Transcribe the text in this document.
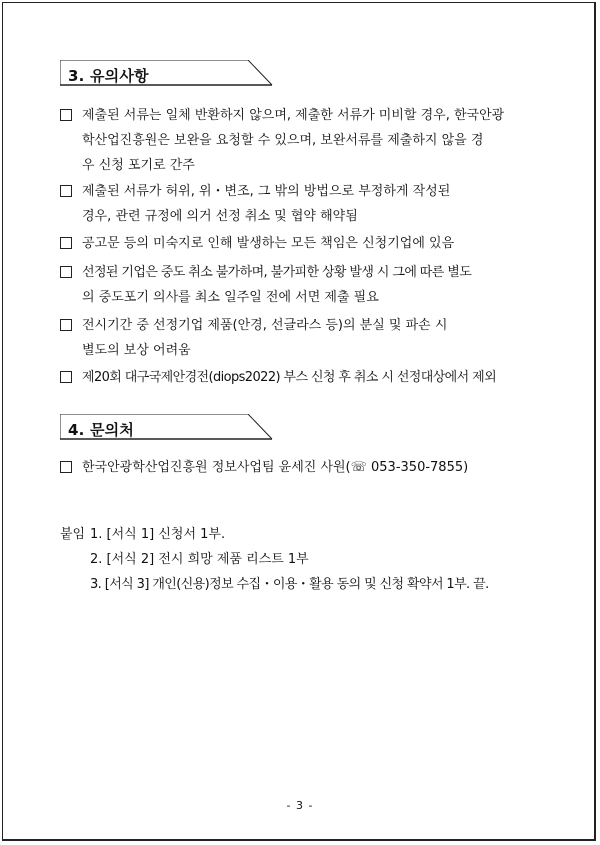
3. 유의사항
제출된 서류는 일체 반환하지 않으며, 제출한 서류가 미비할 경우, 한국안광
학산업진흥원은 보완을 요청할 수 있으며, 보완서류를 제출하지 않을 경
우 신청 포기로 간주
제출된 서류가 허위, 위・변조, 그 밖의 방법으로 부정하게 작성된
경우, 관련 규정에 의거 선정 취소 및 협약 해약됨
공고문 등의 미숙지로 인해 발생하는 모든 책임은 신청기업에 있음
선정된 기업은 중도 취소 불가하며, 불가피한 상황 발생 시 그에 따른 별도
의 중도포기 의사를 최소 일주일 전에 서면 제출 필요
전시기간 중 선정기업 제품(안경, 선글라스 등)의 분실 및 파손 시
별도의 보상 어려움
제20회 대구국제안경전(diops2022) 부스 신청 후 취소 시 선정대상에서 제외
4. 문의처
한국안광학산업진흥원 정보사업팀 윤세진 사원(☏ 053-350-7855)
붙임 1. [서식 1] 신청서 1부.
2. [서식 2] 전시 희망 제품 리스트 1부
3. [서식 3] 개인(신용)정보 수집・이용・활용 동의 및 신청 확약서 1부. 끝.
- 3 -
